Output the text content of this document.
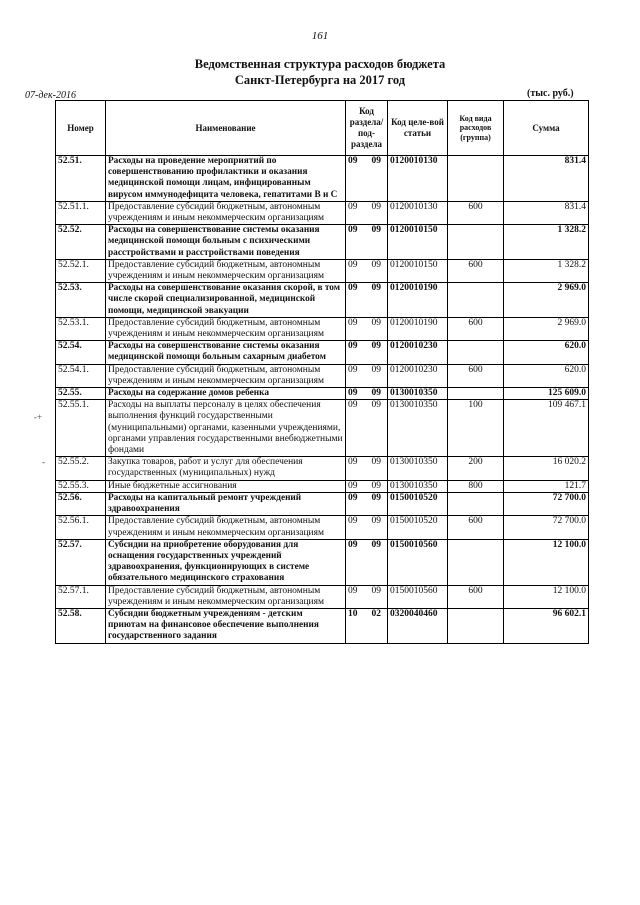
161
Ведомственная структура расходов бюджета
Санкт-Петербурга на 2017 год
07-дек-2016	(тыс. руб.)
Номер	Наименование	Код раздела/ под-раздела	Код целе-вой статьи	Код вида расходов (группа)	Сумма
52.51.	Расходы на проведение мероприятий по совершенствованию профилактики и оказания медицинской помощи лицам, инфицированным вирусом иммунодефицита человека, гепатитами В и С	09 09	0120010130		831.4
52.51.1.	Предоставление субсидий бюджетным, автономным учреждениям и иным некоммерческим организациям	09 09	0120010130	600	831.4
52.52.	Расходы на совершенствование системы оказания медицинской помощи больным с психическими расстройствами и расстройствами поведения	09 09	0120010150		1 328.2
52.52.1.	Предоставление субсидий бюджетным, автономным учреждениям и иным некоммерческим организациям	09 09	0120010150	600	1 328.2
52.53.	Расходы на совершенствование оказания скорой, в том числе скорой специализированной, медицинской помощи, медицинской эвакуации	09 09	0120010190		2 969.0
52.53.1.	Предоставление субсидий бюджетным, автономным учреждениям и иным некоммерческим организациям	09 09	0120010190	600	2 969.0
52.54.	Расходы на совершенствование системы оказания медицинской помощи больным сахарным диабетом	09 09	0120010230		620.0
52.54.1.	Предоставление субсидий бюджетным, автономным учреждениям и иным некоммерческим организациям	09 09	0120010230	600	620.0
52.55.	Расходы на содержание домов ребенка	09 09	0130010350		125 609.0
52.55.1.	Расходы на выплаты персоналу в целях обеспечения выполнения функций государственными (муниципальными) органами, казенными учреждениями, органами управления государственными внебюджетными фондами	09 09	0130010350	100	109 467.1
52.55.2.	Закупка товаров, работ и услуг для обеспечения государственных (муниципальных) нужд	09 09	0130010350	200	16 020.2
52.55.3.	Иные бюджетные ассигнования	09 09	0130010350	800	121.7
52.56.	Расходы на капитальный ремонт учреждений здравоохранения	09 09	0150010520		72 700.0
52.56.1.	Предоставление субсидий бюджетным, автономным учреждениям и иным некоммерческим организациям	09 09	0150010520	600	72 700.0
52.57.	Субсидии на приобретение оборудования для оснащения государственных учреждений здравоохранения, функционирующих в системе обязательного медицинского страхования	09 09	0150010560		12 100.0
52.57.1.	Предоставление субсидий бюджетным, автономным учреждениям и иным некоммерческим организациям	09 09	0150010560	600	12 100.0
52.58.	Субсидии бюджетным учреждениям - детским приютам на финансовое обеспечение выполнения государственного задания	10 02	0320040460		96 602.1
-+
-
